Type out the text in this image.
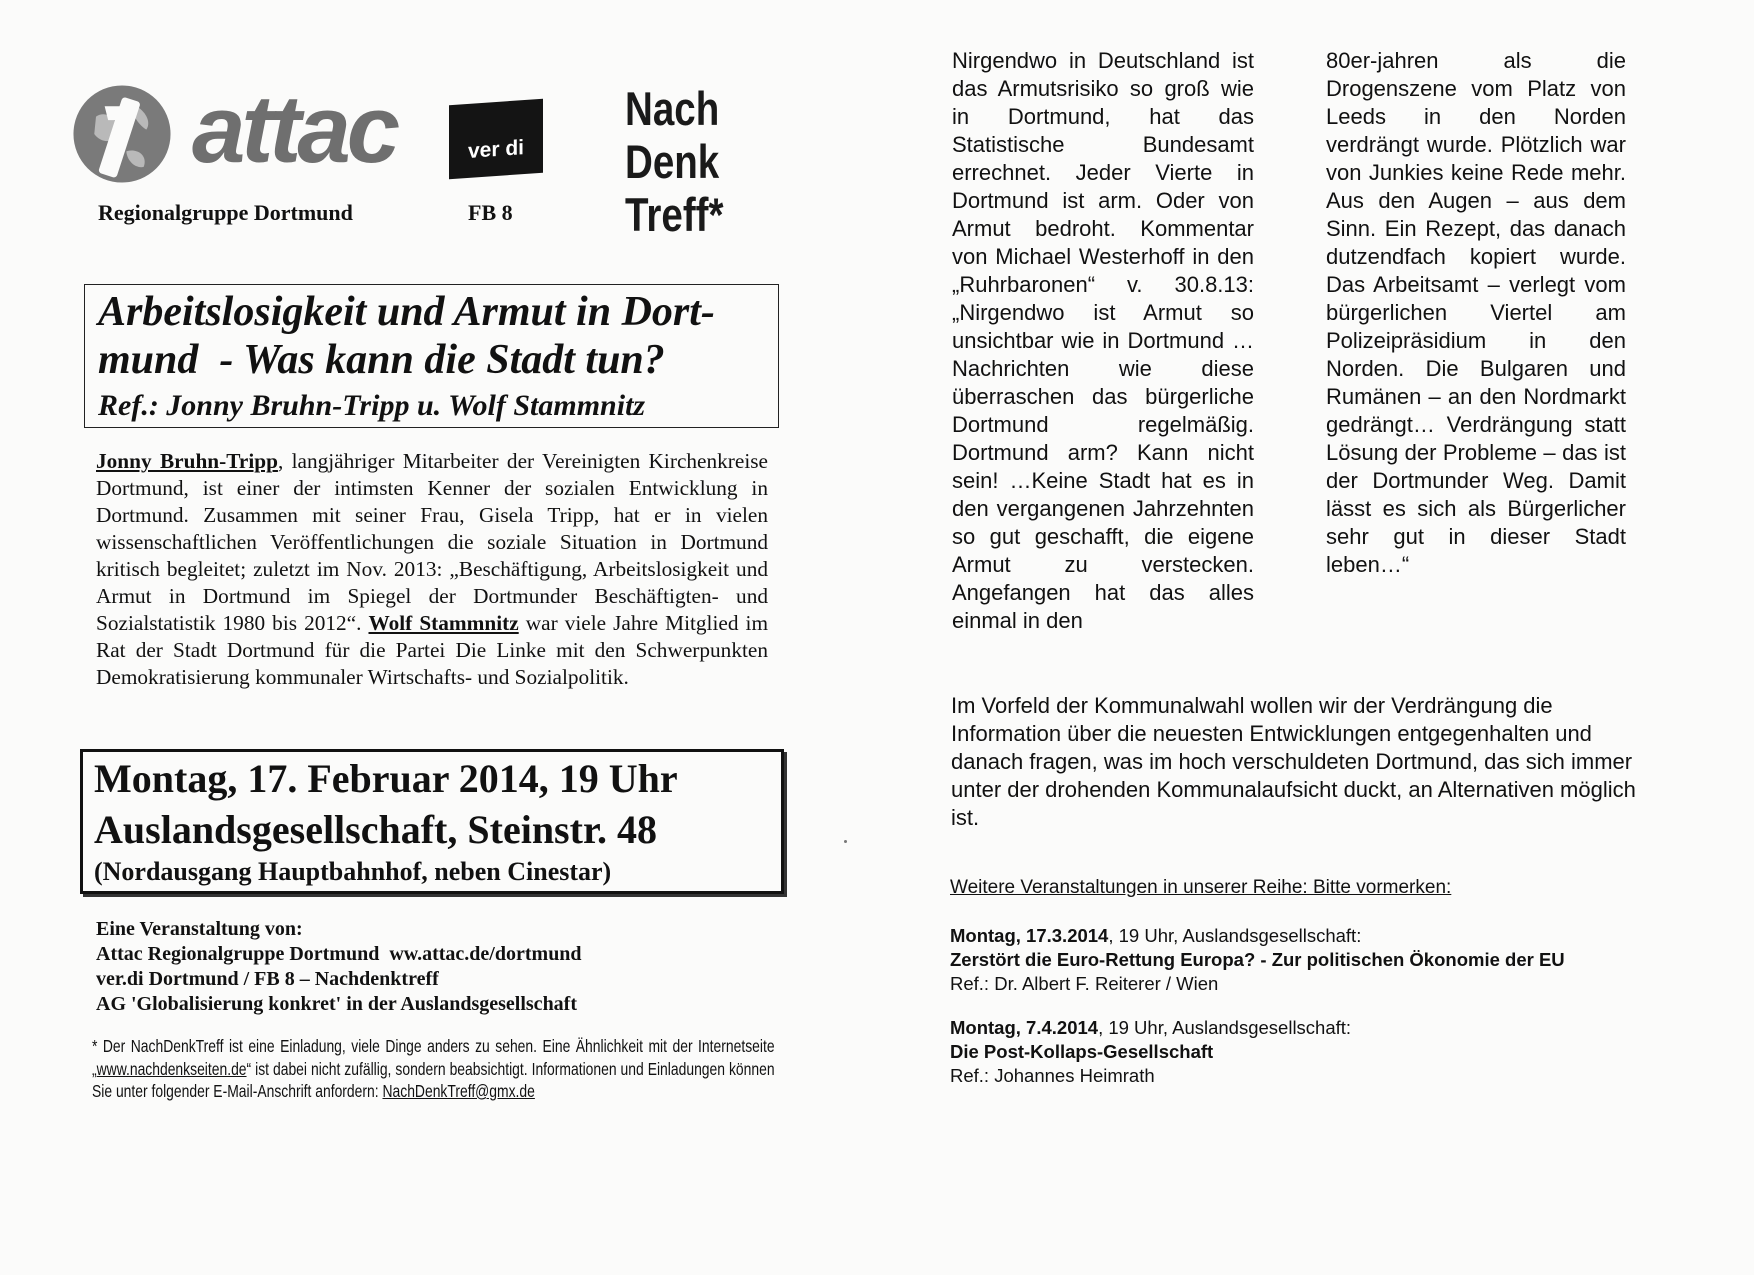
attac
Regionalgruppe Dortmund
ver di
FB 8
Nach
Denk
Treff*
Arbeitslosigkeit und Armut in Dort-
mund  - Was kann die Stadt tun?
Ref.: Jonny Bruhn-Tripp u. Wolf Stammnitz
Jonny Bruhn-Tripp, langjähriger Mitarbeiter der Vereinigten Kirchenkreise Dortmund, ist einer der intimsten Kenner der sozialen Entwicklung in Dortmund. Zusammen mit seiner Frau, Gisela Tripp, hat er in vielen wissenschaftlichen Veröffentlichungen die soziale Situation in Dortmund kritisch begleitet; zuletzt im Nov. 2013: „Beschäftigung, Arbeitslosigkeit und Armut in Dortmund im Spiegel der Dortmunder Beschäftigten- und Sozialstatistik 1980 bis 2012“. Wolf Stammnitz war viele Jahre Mitglied im Rat der Stadt Dortmund für die Partei Die Linke mit den Schwerpunkten Demokratisierung kommunaler Wirtschafts- und Sozialpolitik.
Montag, 17. Februar 2014, 19 Uhr
Auslandsgesellschaft, Steinstr. 48
(Nordausgang Hauptbahnhof, neben Cinestar)
Eine Veranstaltung von:
Attac Regionalgruppe Dortmund  ww.attac.de/dortmund
ver.di Dortmund / FB 8 – Nachdenktreff
AG 'Globalisierung konkret' in der Auslandsgesellschaft
* Der NachDenkTreff ist eine Einladung, viele Dinge anders zu sehen. Eine Ähnlichkeit mit der Internetseite  „www.nachdenkseiten.de“ ist dabei nicht zufällig, sondern beabsichtigt. Informationen und Einladungen können Sie unter folgender E-Mail-Anschrift anfordern: NachDenkTreff@gmx.de
Nirgendwo in Deutschland ist das Armutsrisiko so groß wie in Dortmund, hat das Statistische Bundesamt errechnet. Jeder Vierte in Dortmund ist arm. Oder von Armut bedroht. Kommentar von Michael Westerhoff in den „Ruhrbaronen“ v. 30.8.13: „Nirgendwo ist Armut so unsichtbar wie in Dortmund … Nachrichten wie diese überraschen das bürgerliche Dortmund regelmäßig. Dortmund arm? Kann nicht sein! …Keine Stadt hat es in den vergangenen Jahrzehnten so gut geschafft, die eigene Armut zu verstecken. Angefangen hat das alles einmal in den
80er-jahren als die Drogenszene vom Platz von Leeds in den Norden verdrängt wurde. Plötzlich war von Junkies keine Rede mehr. Aus den Augen – aus dem Sinn. Ein Rezept, das danach dutzendfach kopiert wurde. Das Arbeitsamt – verlegt vom bürgerlichen Viertel am Polizeipräsidium in den Norden. Die Bulgaren und Rumänen – an den Nordmarkt gedrängt… Verdrängung statt Lösung der Probleme – das ist der Dortmunder Weg. Damit lässt es sich als Bürgerlicher sehr gut in dieser Stadt leben…“
Im Vorfeld der Kommunalwahl wollen wir der Verdrängung die Information über die neuesten Entwicklungen entgegenhalten und danach fragen, was im hoch verschuldeten Dortmund, das sich immer unter der drohenden Kommunalaufsicht duckt, an Alternativen möglich ist.
Weitere Veranstaltungen in unserer Reihe: Bitte vormerken:
Montag, 17.3.2014, 19 Uhr, Auslandsgesellschaft:
Zerstört die Euro-Rettung Europa? - Zur politischen Ökonomie der EU
Ref.: Dr. Albert F. Reiterer / Wien
Montag, 7.4.2014, 19 Uhr, Auslandsgesellschaft:
Die Post-Kollaps-Gesellschaft
Ref.: Johannes Heimrath
